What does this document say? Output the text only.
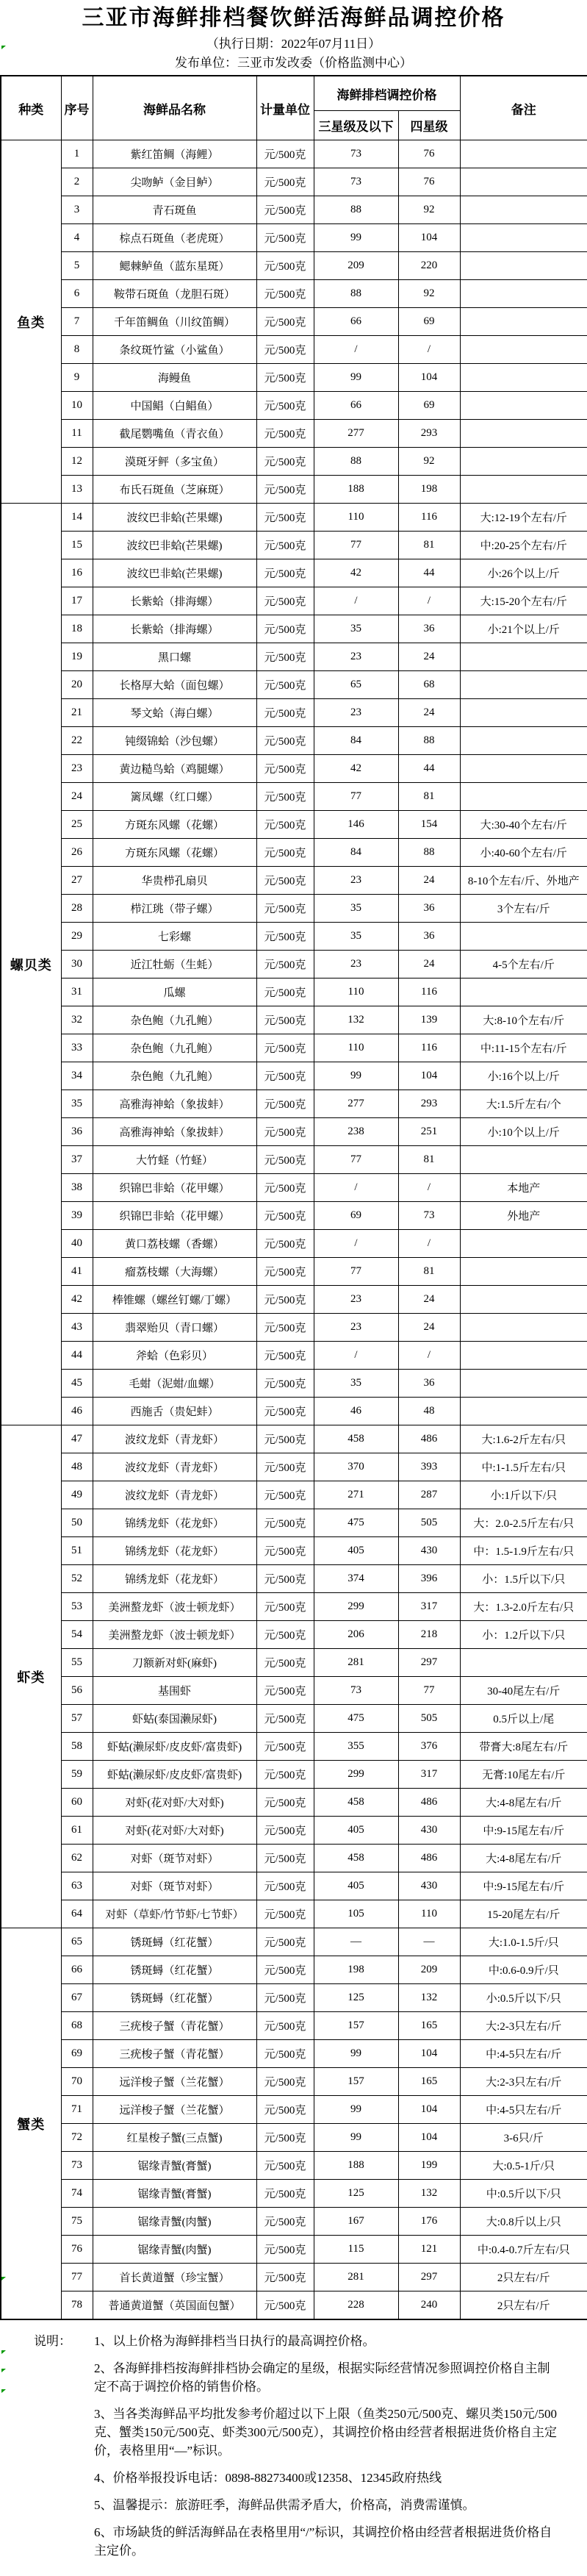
三亚市海鲜排档餐饮鲜活海鲜品调控价格
（执行日期：2022年07月11日）
发布单位：三亚市发改委（价格监测中心）
种类	序号	海鲜品名称	计量单位	海鲜排档调控价格		备注
				三星级及以下	四星级	
鱼类	1	紫红笛鲷（海鲤）	元/500克	73	76	
	2	尖吻鲈（金目鲈）	元/500克	73	76	
	3	青石斑鱼	元/500克	88	92	
	4	棕点石斑鱼（老虎斑）	元/500克	99	104	
	5	鳃棘鲈鱼（蓝东星斑）	元/500克	209	220	
	6	鞍带石斑鱼（龙胆石斑）	元/500克	88	92	
	7	千年笛鲷鱼（川纹笛鲷）	元/500克	66	69	
	8	条纹斑竹鲨（小鲨鱼）	元/500克	/	/	
	9	海鳗鱼	元/500克	99	104	
	10	中国鲳（白鲳鱼）	元/500克	66	69	
	11	截尾鹦嘴鱼（青衣鱼）	元/500克	277	293	
	12	漠斑牙鲆（多宝鱼）	元/500克	88	92	
	13	布氏石斑鱼（芝麻斑）	元/500克	188	198	
螺贝类	14	波纹巴非蛤(芒果螺)	元/500克	110	116	大:12-19个左右/斤
	15	波纹巴非蛤(芒果螺)	元/500克	77	81	中:20-25个左右/斤
	16	波纹巴非蛤(芒果螺)	元/500克	42	44	小:26个以上/斤
	17	长紫蛤（排海螺）	元/500克	/	/	大:15-20个左右/斤
	18	长紫蛤（排海螺）	元/500克	35	36	小:21个以上/斤
	19	黑口螺	元/500克	23	24	
	20	长格厚大蛤（面包螺）	元/500克	65	68	
	21	琴文蛤（海白螺）	元/500克	23	24	
	22	钝缀锦蛤（沙包螺）	元/500克	84	88	
	23	黄边糙鸟蛤（鸡腿螺）	元/500克	42	44	
	24	篱凤螺（红口螺）	元/500克	77	81	
	25	方斑东风螺（花螺）	元/500克	146	154	大:30-40个左右/斤
	26	方斑东风螺（花螺）	元/500克	84	88	小:40-60个左右/斤
	27	华贵栉孔扇贝	元/500克	23	24	8-10个左右/斤、外地产
	28	栉江珧（带子螺）	元/500克	35	36	3个左右/斤
	29	七彩螺	元/500克	35	36	
	30	近江牡蛎（生蚝）	元/500克	23	24	4-5个左右/斤
	31	瓜螺	元/500克	110	116	
	32	杂色鲍（九孔鲍）	元/500克	132	139	大:8-10个左右/斤
	33	杂色鲍（九孔鲍）	元/500克	110	116	中:11-15个左右/斤
	34	杂色鲍（九孔鲍）	元/500克	99	104	小:16个以上/斤
	35	高雅海神蛤（象拔蚌）	元/500克	277	293	大:1.5斤左右/个
	36	高雅海神蛤（象拔蚌）	元/500克	238	251	小:10个以上/斤
	37	大竹蛏（竹蛏）	元/500克	77	81	
	38	织锦巴非蛤（花甲螺）	元/500克	/	/	本地产
	39	织锦巴非蛤（花甲螺）	元/500克	69	73	外地产
	40	黄口荔枝螺（香螺）	元/500克	/	/	
	41	瘤荔枝螺（大海螺）	元/500克	77	81	
	42	棒锥螺（螺丝钉螺/丁螺）	元/500克	23	24	
	43	翡翠贻贝（青口螺）	元/500克	23	24	
	44	斧蛤（色彩贝）	元/500克	/	/	
	45	毛蚶（泥蚶/血螺）	元/500克	35	36	
	46	西施舌（贵妃蚌）	元/500克	46	48	
虾类	47	波纹龙虾（青龙虾）	元/500克	458	486	大:1.6-2斤左右/只
	48	波纹龙虾（青龙虾）	元/500克	370	393	中:1-1.5斤左右/只
	49	波纹龙虾（青龙虾）	元/500克	271	287	小:1斤以下/只
	50	锦绣龙虾（花龙虾）	元/500克	475	505	大：2.0-2.5斤左右/只
	51	锦绣龙虾（花龙虾）	元/500克	405	430	中：1.5-1.9斤左右/只
	52	锦绣龙虾（花龙虾）	元/500克	374	396	小：1.5斤以下/只
	53	美洲螯龙虾（波士顿龙虾）	元/500克	299	317	大：1.3-2.0斤左右/只
	54	美洲螯龙虾（波士顿龙虾）	元/500克	206	218	小：1.2斤以下/只
	55	刀额新对虾(麻虾)	元/500克	281	297	
	56	基围虾	元/500克	73	77	30-40尾左右/斤
	57	虾蛄(泰国濑尿虾)	元/500克	475	505	0.5斤以上/尾
	58	虾蛄(濑尿虾/皮皮虾/富贵虾)	元/500克	355	376	带膏大:8尾左右/斤
	59	虾蛄(濑尿虾/皮皮虾/富贵虾)	元/500克	299	317	无膏:10尾左右/斤
	60	对虾(花对虾/大对虾)	元/500克	458	486	大:4-8尾左右/斤
	61	对虾(花对虾/大对虾)	元/500克	405	430	中:9-15尾左右/斤
	62	对虾（斑节对虾）	元/500克	458	486	大:4-8尾左右/斤
	63	对虾（斑节对虾）	元/500克	405	430	中:9-15尾左右/斤
	64	对虾（草虾/竹节虾/七节虾）	元/500克	105	110	15-20尾左右/斤
蟹类	65	锈斑蟳（红花蟹）	元/500克	—	—	大:1.0-1.5斤/只
	66	锈斑蟳（红花蟹）	元/500克	198	209	中:0.6-0.9斤/只
	67	锈斑蟳（红花蟹）	元/500克	125	132	小:0.5斤以下/只
	68	三疣梭子蟹（青花蟹）	元/500克	157	165	大:2-3只左右/斤
	69	三疣梭子蟹（青花蟹）	元/500克	99	104	中:4-5只左右/斤
	70	远洋梭子蟹（兰花蟹）	元/500克	157	165	大:2-3只左右/斤
	71	远洋梭子蟹（兰花蟹）	元/500克	99	104	中:4-5只左右/斤
	72	红星梭子蟹(三点蟹)	元/500克	99	104	3-6只/斤
	73	锯缘青蟹(膏蟹)	元/500克	188	199	大:0.5-1斤/只
	74	锯缘青蟹(膏蟹)	元/500克	125	132	中:0.5斤以下/只
	75	锯缘青蟹(肉蟹)	元/500克	167	176	大:0.8斤以上/只
	76	锯缘青蟹(肉蟹)	元/500克	115	121	中:0.4-0.7斤左右/只
	77	首长黄道蟹（珍宝蟹）	元/500克	281	297	2只左右/斤
	78	普通黄道蟹（英国面包蟹）	元/500克	228	240	2只左右/斤
说明：	1、以上价格为海鲜排档当日执行的最高调控价格。
2、各海鲜排档按海鲜排档协会确定的星级，根据实际经营情况参照调控价格自主制定不高于调控价格的销售价格。
3、当各类海鲜品平均批发参考价超过以下上限（鱼类250元/500克、螺贝类150元/500克、蟹类150元/500克、虾类300元/500克），其调控价格由经营者根据进货价格自主定价，表格里用“—”标识。
4、价格举报投诉电话：0898-88273400或12358、12345政府热线
5、温馨提示：旅游旺季，海鲜品供需矛盾大，价格高，消费需谨慎。
6、市场缺货的鲜活海鲜品在表格里用“/”标识，其调控价格由经营者根据进货价格自主定价。
